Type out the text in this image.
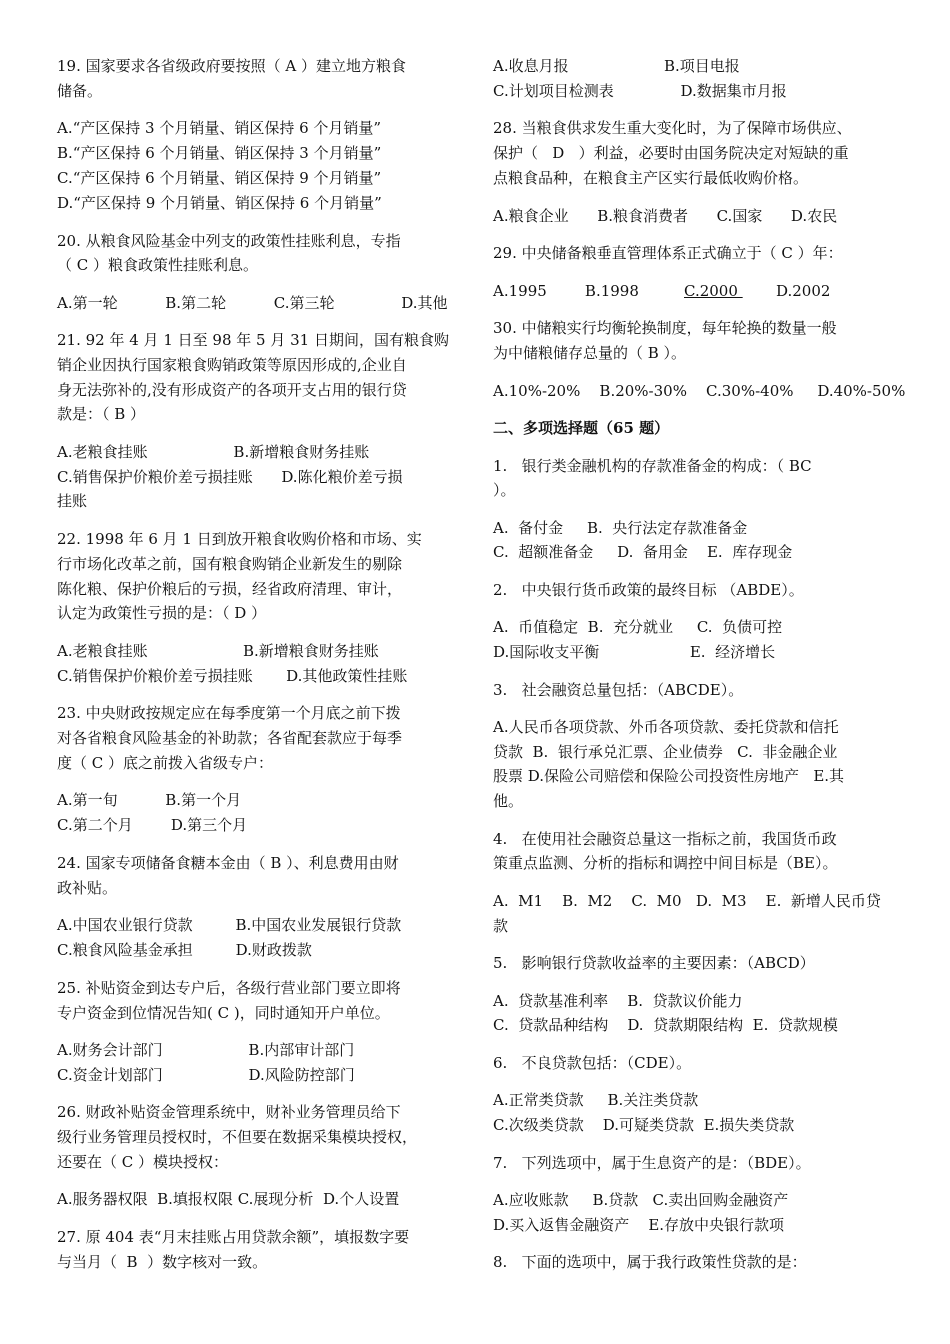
19. 国家要求各省级政府要按照（ A ）建立地方粮食
储备。
A.“产区保持 3 个月销量、销区保持 6 个月销量”
B.“产区保持 6 个月销量、销区保持 3 个月销量”
C.“产区保持 6 个月销量、销区保持 9 个月销量”
D.“产区保持 9 个月销量、销区保持 6 个月销量”
20. 从粮食风险基金中列支的政策性挂账利息，专指
（ C ）粮食政策性挂账利息。
A.第一轮          B.第二轮          C.第三轮              D.其他
21. 92 年 4 月 1 日至 98 年 5 月 31 日期间，国有粮食购
销企业因执行国家粮食购销政策等原因形成的,企业自
身无法弥补的,没有形成资产的各项开支占用的银行贷
款是：（ B ）
A.老粮食挂账                  B.新增粮食财务挂账
C.销售保护价粮价差亏损挂账      D.陈化粮价差亏损
挂账
22. 1998 年 6 月 1 日到放开粮食收购价格和市场、实
行市场化改革之前，国有粮食购销企业新发生的剔除
陈化粮、保护价粮后的亏损，经省政府清理、审计，
认定为政策性亏损的是：（ D ）
A.老粮食挂账                    B.新增粮食财务挂账
C.销售保护价粮价差亏损挂账       D.其他政策性挂账
23. 中央财政按规定应在每季度第一个月底之前下拨
对各省粮食风险基金的补助款；各省配套款应于每季
度（ C ）底之前拨入省级专户：
A.第一旬          B.第一个月
C.第二个月        D.第三个月
24. 国家专项储备食糖本金由（ B ）、利息费用由财
政补贴。
A.中国农业银行贷款         B.中国农业发展银行贷款
C.粮食风险基金承担         D.财政拨款
25. 补贴资金到达专户后，各级行营业部门要立即将
专户资金到位情况告知( C )，同时通知开户单位。
A.财务会计部门                  B.内部审计部门
C.资金计划部门                  D.风险防控部门
26. 财政补贴资金管理系统中，财补业务管理员给下
级行业务管理员授权时，不但要在数据采集模块授权，
还要在（ C ）模块授权：
A.服务器权限  B.填报权限 C.展现分析  D.个人设置
27. 原 404 表“月末挂账占用贷款余额”，填报数字要
与当月（  B  ）数字核对一致。
A.收息月报                    B.项目电报
C.计划项目检测表              D.数据集市月报
28. 当粮食供求发生重大变化时，为了保障市场供应、
保护（   D   ）利益，必要时由国务院决定对短缺的重
点粮食品种，在粮食主产区实行最低收购价格。
A.粮食企业      B.粮食消费者      C.国家      D.农民
29. 中央储备粮垂直管理体系正式确立于（ C ）年：
A.1995        B.1998	C.2000 D.2002
30. 中储粮实行均衡轮换制度，每年轮换的数量一般
为中储粮储存总量的（ B ）。
A.10%-20%    B.20%-30%    C.30%-40%     D.40%-50%
二、多项选择题（65 题）
1.   银行类金融机构的存款准备金的构成：（ BC
）。
A.  备付金     B.  央行法定存款准备金
C.  超额准备金     D.  备用金    E.  库存现金
2.   中央银行货币政策的最终目标 （ABDE）。
A.  币值稳定  B.  充分就业     C.  负债可控
D.国际收支平衡                   E.  经济增长
3.   社会融资总量包括：（ABCDE）。
A.人民币各项贷款、外币各项贷款、委托贷款和信托
贷款  B.  银行承兑汇票、企业债券   C.  非金融企业
股票 D.保险公司赔偿和保险公司投资性房地产   E.其
他。
4.   在使用社会融资总量这一指标之前，我国货币政
策重点监测、分析的指标和调控中间目标是（BE）。
A.  M1    B.  M2    C.  M0   D.  M3    E.  新增人民币贷
款
5.   影响银行贷款收益率的主要因素：（ABCD）
A.  贷款基准利率    B.  贷款议价能力
C.  贷款品种结构    D.  贷款期限结构  E.  贷款规模
6.   不良贷款包括：（CDE）。
A.正常类贷款     B.关注类贷款
C.次级类贷款    D.可疑类贷款  E.损失类贷款
7.   下列选项中，属于生息资产的是：（BDE）。
A.应收账款     B.贷款   C.卖出回购金融资产
D.买入返售金融资产    E.存放中央银行款项
8.   下面的选项中，属于我行政策性贷款的是：
